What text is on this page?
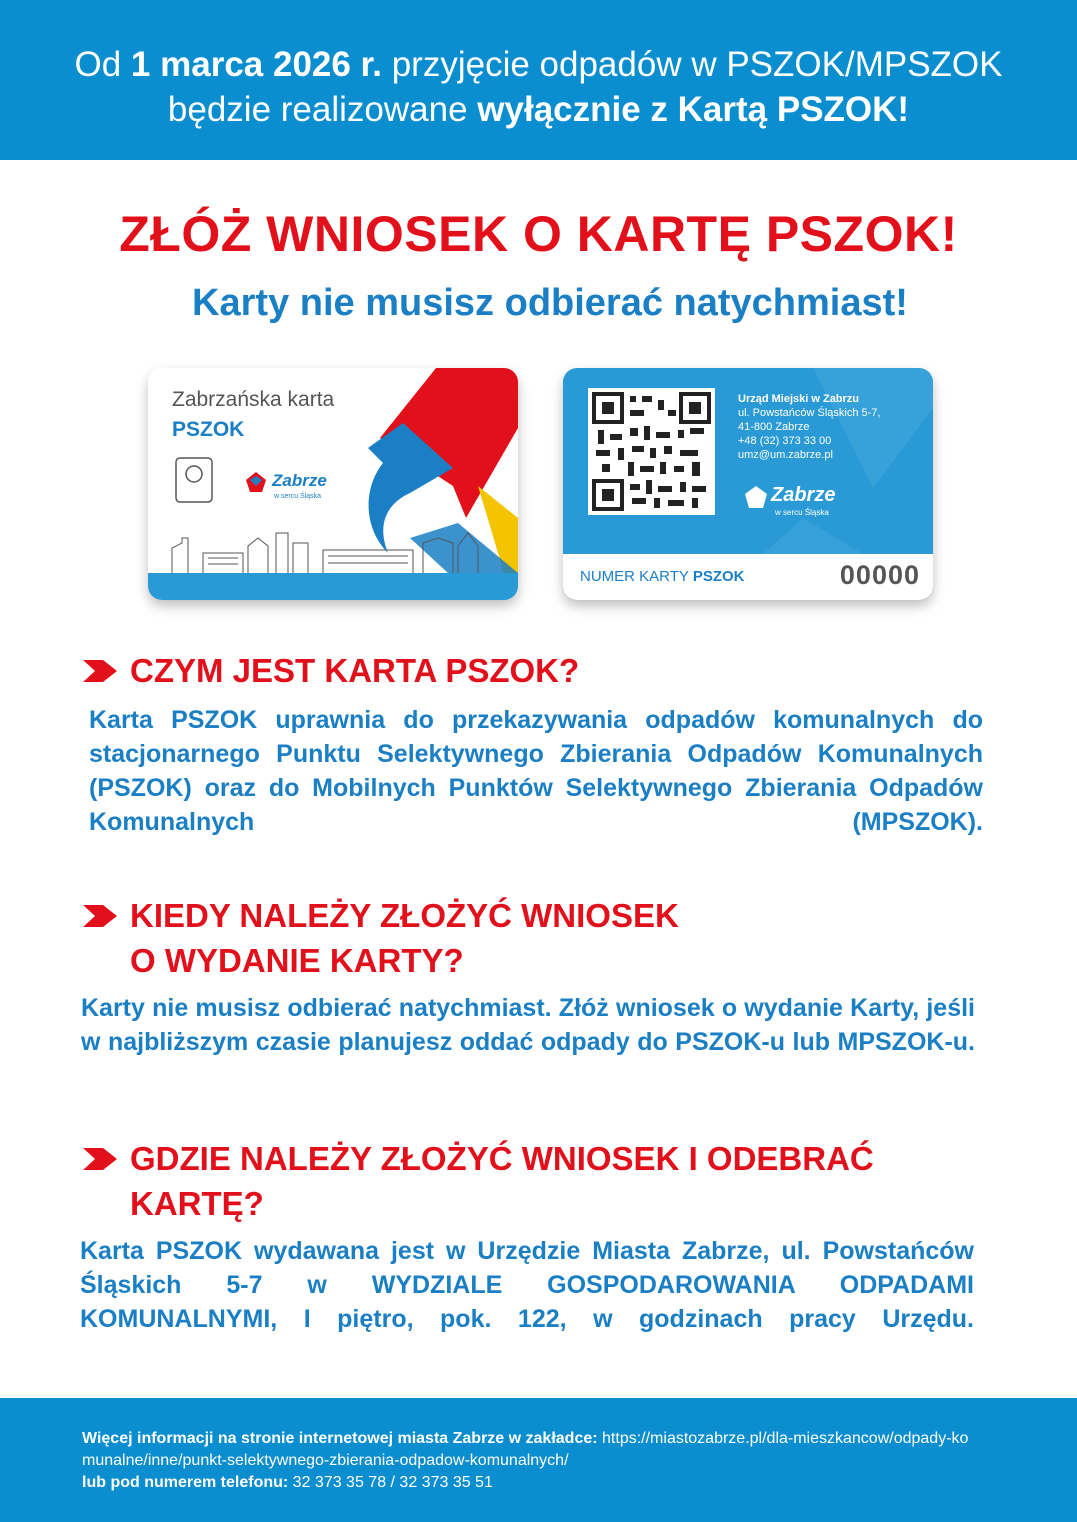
Od 1 marca 2026 r. przyjęcie odpadów w PSZOK/MPSZOK
będzie realizowane wyłącznie z Kartą PSZOK!
ZŁÓŻ WNIOSEK O KARTĘ PSZOK!
Karty nie musisz odbierać natychmiast!
Zabrze
w sercu Śląska
Zabrzańska karta
PSZOK
Urząd Miejski w Zabrzu
ul. Powstańców Śląskich 5-7,
41-800 Zabrze
+48 (32) 373 33 00
umz@um.zabrze.pl
Zabrze
w sercu Śląska
NUMER KARTY PSZOK	00000
CZYM JEST KARTA PSZOK?
Karta PSZOK uprawnia do przekazywania odpadów komunalnych do stacjonarnego Punktu Selektywnego Zbierania Odpadów Komunalnych (PSZOK) oraz do Mobilnych Punktów Selektywnego Zbierania Odpadów Komunalnych (MPSZOK).
KIEDY NALEŻY ZŁOŻYĆ WNIOSEK
O WYDANIE KARTY?
Karty nie musisz odbierać natychmiast. Złóż wniosek o wydanie Karty, jeśli w najbliższym czasie planujesz oddać odpady do PSZOK-u lub MPSZOK-u.
GDZIE NALEŻY ZŁOŻYĆ WNIOSEK I ODEBRAĆ
KARTĘ?
Karta PSZOK wydawana jest w Urzędzie Miasta Zabrze, ul. Powstańców Śląskich 5-7 w WYDZIALE GOSPODAROWANIA ODPADAMI KOMUNALNYMI, I piętro, pok. 122, w godzinach pracy Urzędu.
Więcej informacji na stronie internetowej miasta Zabrze w zakładce: https://miastozabrze.pl/dla-mieszkancow/odpady-komunalne/inne/punkt-selektywnego-zbierania-odpadow-komunalnych/
lub pod numerem telefonu: 32 373 35 78 / 32 373 35 51
